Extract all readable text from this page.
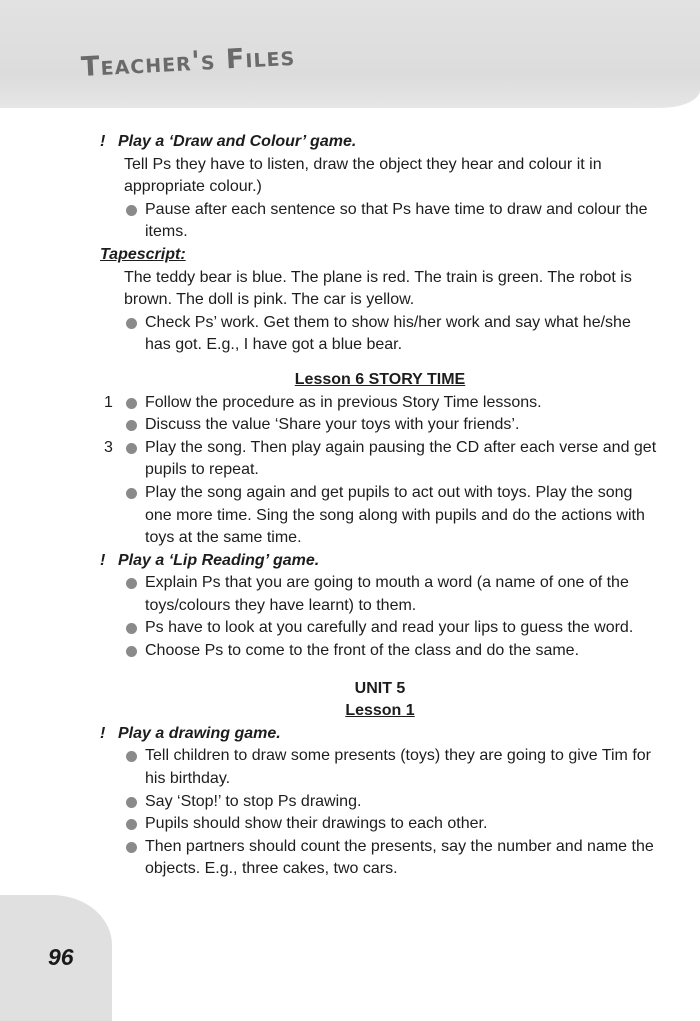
Teacher's Files

! Play a ‘Draw and Colour’ game.

Tell Ps they have to listen, draw the object they hear and colour it in appropriate colour.)

Pause after each sentence so that Ps have time to draw and colour the items.

Tapescript:

The teddy bear is blue. The plane is red. The train is green. The robot is brown. The doll is pink. The car is yellow.

Check Ps’ work. Get them to show his/her work and say what he/she has got. E.g., I have got a blue bear.

Lesson 6 STORY TIME

1 Follow the procedure as in previous Story Time lessons.

Discuss the value ‘Share your toys with your friends’.

3 Play the song. Then play again pausing the CD after each verse and get pupils to repeat.

Play the song again and get pupils to act out with toys. Play the song one more time. Sing the song along with pupils and do the actions with toys at the same time.

! Play a ‘Lip Reading’ game.

Explain Ps that you are going to mouth a word (a name of one of the toys/colours they have learnt) to them.

Ps have to look at you carefully and read your lips to guess the word.

Choose Ps to come to the front of the class and do the same.

UNIT 5

Lesson 1

! Play a drawing game.

Tell children to draw some presents (toys) they are going to give Tim for his birthday.

Say ‘Stop!’ to stop Ps drawing.

Pupils should show their drawings to each other.

Then partners should count the presents, say the number and name the objects. E.g., three cakes, two cars.

96
